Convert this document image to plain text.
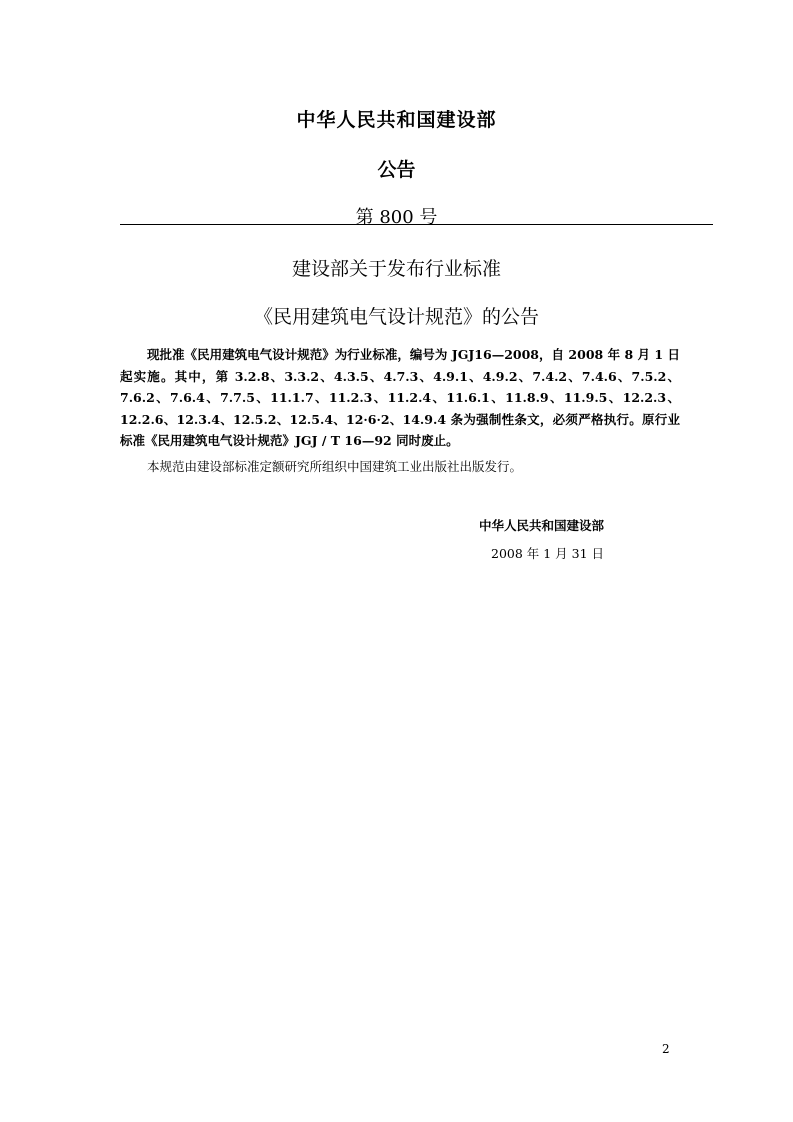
中华人民共和国建设部
公告
第 800 号
建设部关于发布行业标准
《民用建筑电气设计规范》的公告
现批准《民用建筑电气设计规范》为行业标准，编号为 JGJ16—2008，自 2008 年 8 月 1 日起实施。其中，第 3.2.8、3.3.2、4.3.5、4.7.3、4.9.1、4.9.2、7.4.2、7.4.6、7.5.2、7.6.2、7.6.4、7.7.5、11.1.7、11.2.3、11.2.4、11.6.1、11.8.9、11.9.5、12.2.3、12.2.6、12.3.4、12.5.2、12.5.4、12·6·2、14.9.4 条为强制性条文，必须严格执行。原行业标准《民用建筑电气设计规范》JGJ / T 16—92 同时废止。
本规范由建设部标准定额研究所组织中国建筑工业出版社出版发行。
中华人民共和国建设部
2008 年 1 月 31 日
2
